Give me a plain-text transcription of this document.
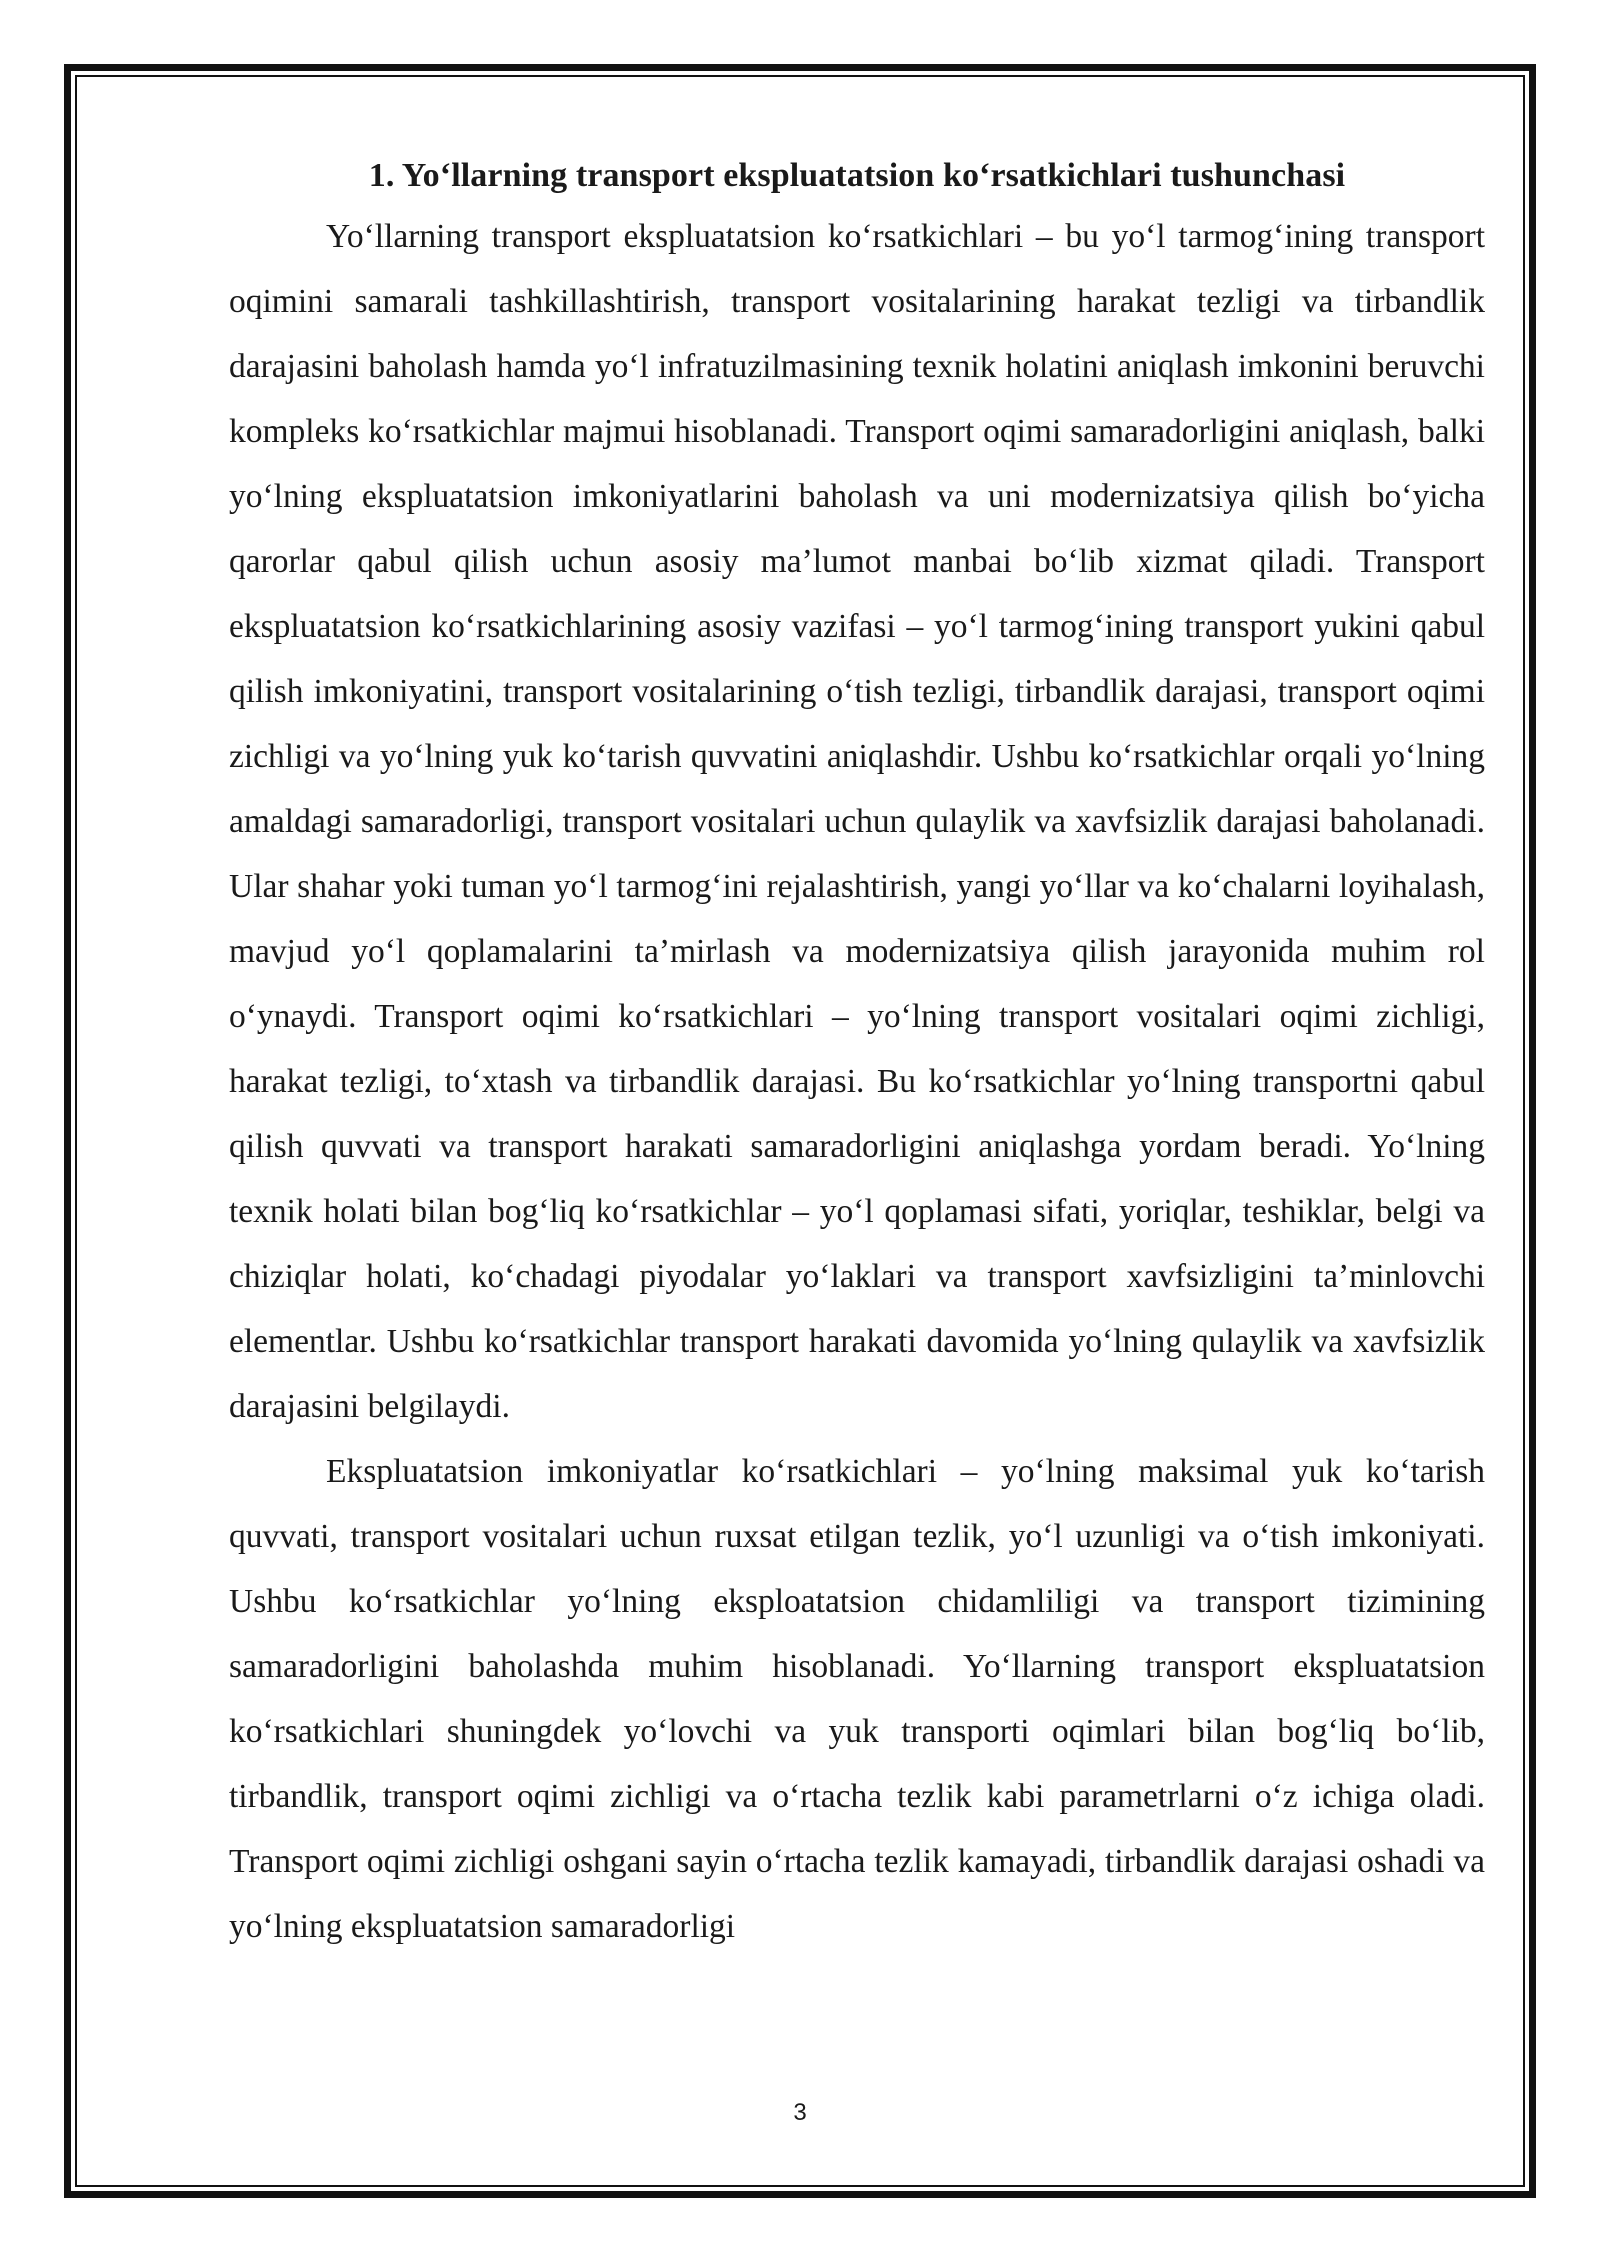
1. Yo‘llarning transport ekspluatatsion ko‘rsatkichlari tushunchasi

Yo‘llarning transport ekspluatatsion ko‘rsatkichlari – bu yo‘l tarmog‘ining transport oqimini samarali tashkillashtirish, transport vositalarining harakat tezligi va tirbandlik darajasini baholash hamda yo‘l infratuzilmasining texnik holatini aniqlash imkonini beruvchi kompleks ko‘rsatkichlar majmui hisoblanadi. Transport oqimi samaradorligini aniqlash, balki yo‘lning ekspluatatsion imkoniyatlarini baholash va uni modernizatsiya qilish bo‘yicha qarorlar qabul qilish uchun asosiy ma’lumot manbai bo‘lib xizmat qiladi. Transport ekspluatatsion ko‘rsatkichlarining asosiy vazifasi – yo‘l tarmog‘ining transport yukini qabul qilish imkoniyatini, transport vositalarining o‘tish tezligi, tirbandlik darajasi, transport oqimi zichligi va yo‘lning yuk ko‘tarish quvvatini aniqlashdir. Ushbu ko‘rsatkichlar orqali yo‘lning amaldagi samaradorligi, transport vositalari uchun qulaylik va xavfsizlik darajasi baholanadi. Ular shahar yoki tuman yo‘l tarmog‘ini rejalashtirish, yangi yo‘llar va ko‘chalarni loyihalash, mavjud yo‘l qoplamalarini ta’mirlash va modernizatsiya qilish jarayonida muhim rol o‘ynaydi. Transport oqimi ko‘rsatkichlari – yo‘lning transport vositalari oqimi zichligi, harakat tezligi, to‘xtash va tirbandlik darajasi. Bu ko‘rsatkichlar yo‘lning transportni qabul qilish quvvati va transport harakati samaradorligini aniqlashga yordam beradi. Yo‘lning texnik holati bilan bog‘liq ko‘rsatkichlar – yo‘l qoplamasi sifati, yoriqlar, teshiklar, belgi va chiziqlar holati, ko‘chadagi piyodalar yo‘laklari va transport xavfsizligini ta’minlovchi elementlar. Ushbu ko‘rsatkichlar transport harakati davomida yo‘lning qulaylik va xavfsizlik darajasini belgilaydi.

Ekspluatatsion imkoniyatlar ko‘rsatkichlari – yo‘lning maksimal yuk ko‘tarish quvvati, transport vositalari uchun ruxsat etilgan tezlik, yo‘l uzunligi va o‘tish imkoniyati. Ushbu ko‘rsatkichlar yo‘lning eksploatatsion chidamliligi va transport tizimining samaradorligini baholashda muhim hisoblanadi. Yo‘llarning transport ekspluatatsion ko‘rsatkichlari shuningdek yo‘lovchi va yuk transporti oqimlari bilan bog‘liq bo‘lib, tirbandlik, transport oqimi zichligi va o‘rtacha tezlik kabi parametrlarni o‘z ichiga oladi. Transport oqimi zichligi oshgani sayin o‘rtacha tezlik kamayadi, tirbandlik darajasi oshadi va yo‘lning ekspluatatsion samaradorligi

3
